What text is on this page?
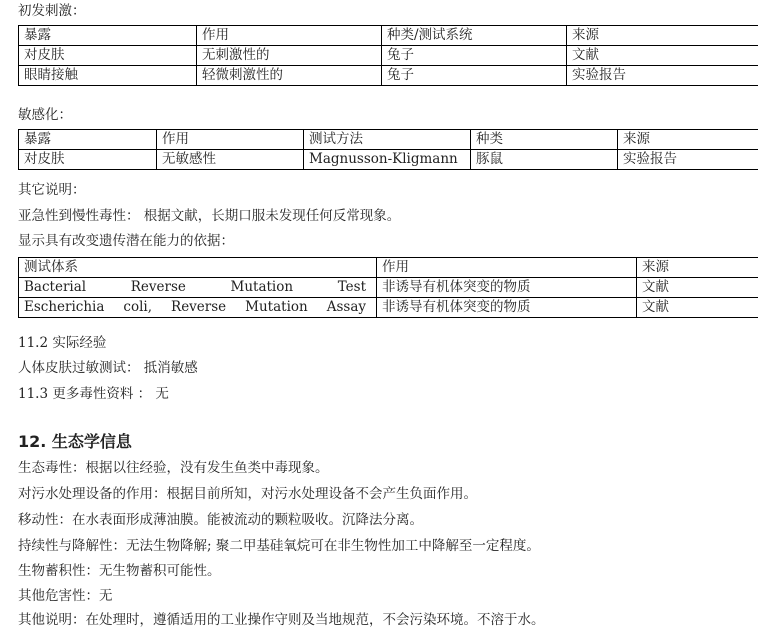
初发刺激：
暴露	作用	种类/测试系统	来源
对皮肤	无刺激性的	兔子	文献
眼睛接触	轻微刺激性的	兔子	实验报告
敏感化：
暴露	作用	测试方法	种类	来源
对皮肤	无敏感性	Magnusson-Kligmann	豚鼠	实验报告
其它说明：
亚急性到慢性毒性： 根据文献，长期口服未发现任何反常现象。
显示具有改变遗传潜在能力的依据：
测试体系	作用	来源
Bacterial Reverse Mutation Test	非诱导有机体突变的物质	文献
Escherichia coli, Reverse Mutation Assay	非诱导有机体突变的物质	文献
11.2 实际经验
人体皮肤过敏测试： 抵消敏感
11.3 更多毒性资料 ： 无
12. 生态学信息
生态毒性：根据以往经验，没有发生鱼类中毒现象。
对污水处理设备的作用：根据目前所知，对污水处理设备不会产生负面作用。
移动性：在水表面形成薄油膜。能被流动的颗粒吸收。沉降法分离。
持续性与降解性：无法生物降解; 聚二甲基硅氧烷可在非生物性加工中降解至一定程度。
生物蓄积性：无生物蓄积可能性。
其他危害性：无
其他说明：在处理时，遵循适用的工业操作守则及当地规范，不会污染环境。不溶于水。
